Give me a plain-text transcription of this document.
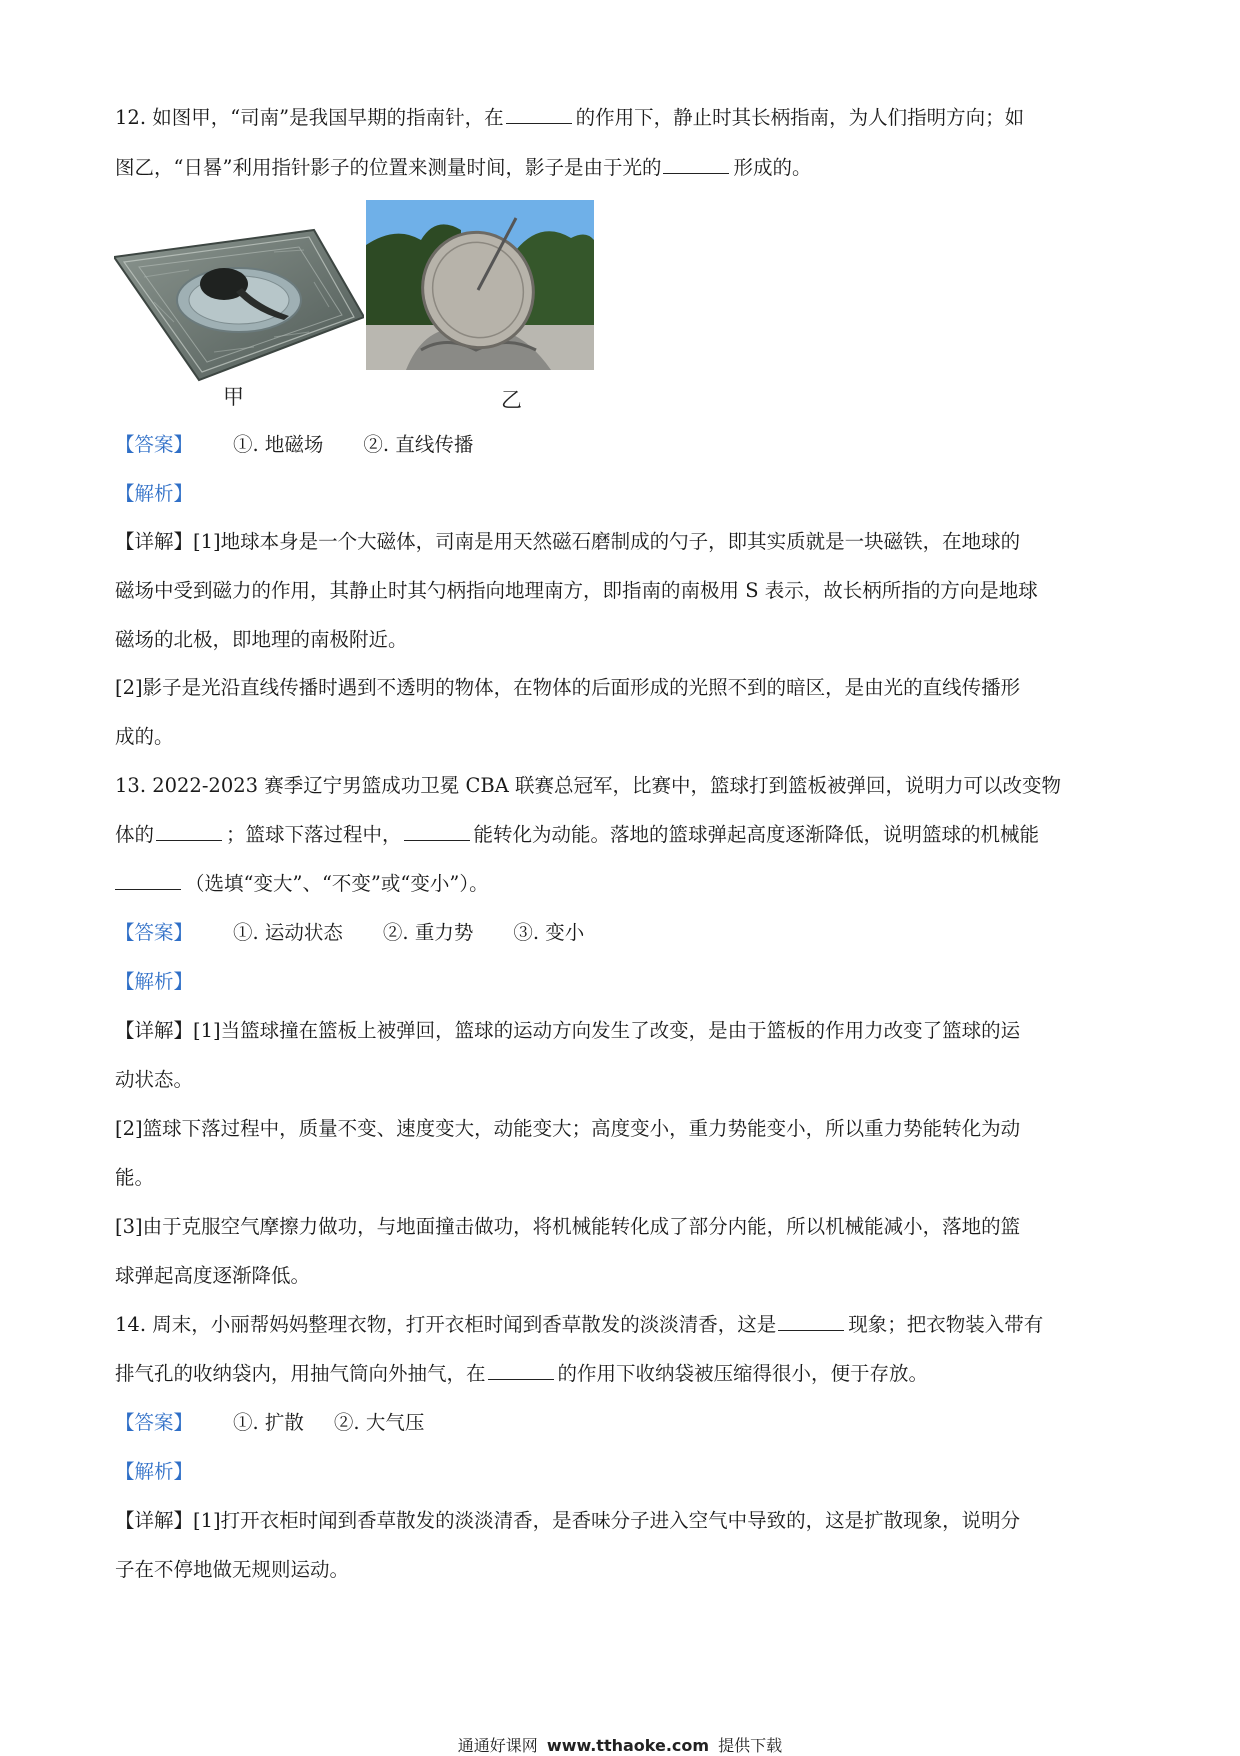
12. 如图甲，“司南”是我国早期的指南针，在	的作用下，静止时其长柄指南，为人们指明方向；如
图乙，“日晷”利用指针影子的位置来测量时间，影子是由于光的	形成的。
甲	乙
【答案】 ①. 地磁场 ②. 直线传播
【解析】
【详解】[1]地球本身是一个大磁体，司南是用天然磁石磨制成的勺子，即其实质就是一块磁铁，在地球的
磁场中受到磁力的作用，其静止时其勺柄指向地理南方，即指南的南极用 S 表示，故长柄所指的方向是地球
磁场的北极，即地理的南极附近。
[2]影子是光沿直线传播时遇到不透明的物体，在物体的后面形成的光照不到的暗区，是由光的直线传播形
成的。
13. 2022-2023 赛季辽宁男篮成功卫冕 CBA 联赛总冠军，比赛中，篮球打到篮板被弹回，说明力可以改变物
体的	；篮球下落过程中，	能转化为动能。落地的篮球弹起高度逐渐降低，说明篮球的机械能
（选填“变大”、“不变”或“变小”）。
【答案】 ①. 运动状态 ②. 重力势 ③. 变小
【解析】
【详解】[1]当篮球撞在篮板上被弹回，篮球的运动方向发生了改变，是由于篮板的作用力改变了篮球的运
动状态。
[2]篮球下落过程中，质量不变、速度变大，动能变大；高度变小，重力势能变小，所以重力势能转化为动
能。
[3]由于克服空气摩擦力做功，与地面撞击做功，将机械能转化成了部分内能，所以机械能减小，落地的篮
球弹起高度逐渐降低。
14. 周末，小丽帮妈妈整理衣物，打开衣柜时闻到香草散发的淡淡清香，这是	现象；把衣物装入带有
排气孔的收纳袋内，用抽气筒向外抽气，在	的作用下收纳袋被压缩得很小，便于存放。
【答案】 ①. 扩散 ②. 大气压
【解析】
【详解】[1]打开衣柜时闻到香草散发的淡淡清香，是香味分子进入空气中导致的，这是扩散现象，说明分
子在不停地做无规则运动。
通通好课网 www.tthaoke.com 提供下载
